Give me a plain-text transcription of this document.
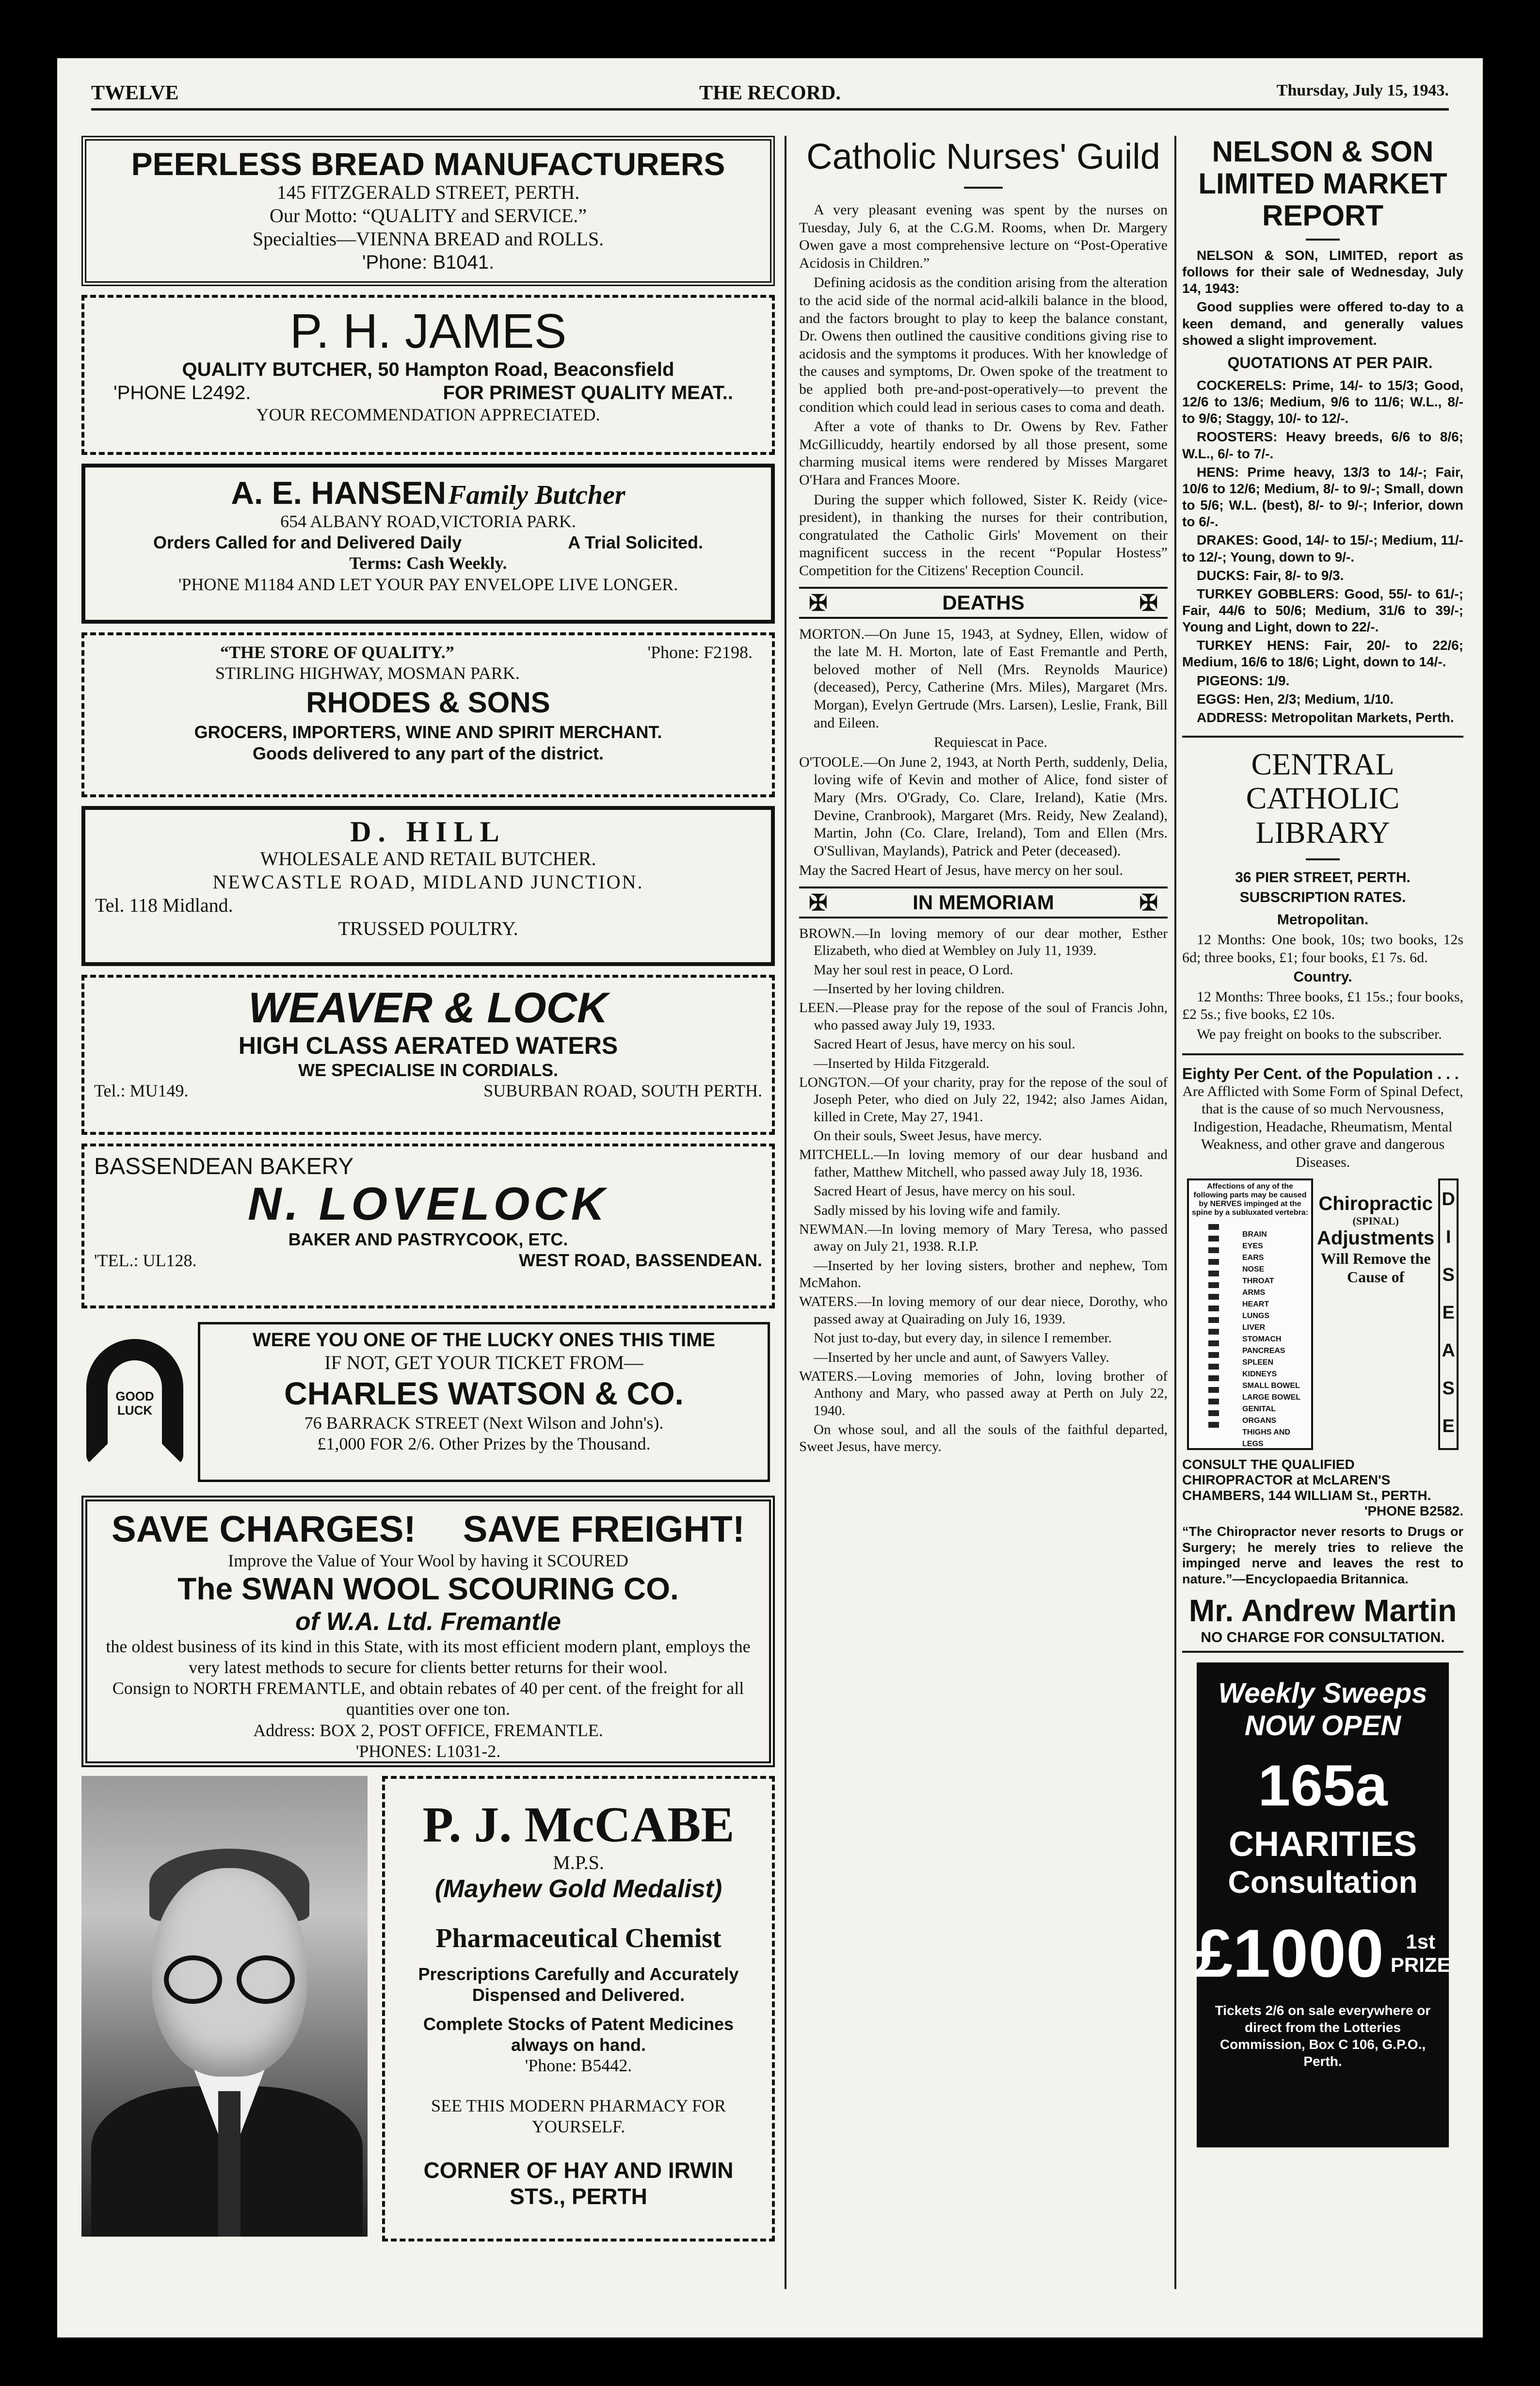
TWELVE	THE RECORD.	Thursday, July 15, 1943.
PEERLESS BREAD MANUFACTURERS
145 FITZGERALD STREET, PERTH.
Our Motto: “QUALITY and SERVICE.”
Specialties—VIENNA BREAD and ROLLS.
'Phone: B1041.
P. H. JAMES
QUALITY BUTCHER, 50 Hampton Road, Beaconsfield
'PHONE L2492.	FOR PRIMEST QUALITY MEAT..
YOUR RECOMMENDATION APPRECIATED.
A. E. HANSEN Family Butcher
654 ALBANY ROAD,VICTORIA PARK.
Orders Called for and Delivered Daily	A Trial Solicited.
Terms: Cash Weekly.
'PHONE M1184 AND LET YOUR PAY ENVELOPE LIVE LONGER.
“THE STORE OF QUALITY.”	'Phone: F2198.
STIRLING HIGHWAY, MOSMAN PARK.
RHODES & SONS
GROCERS, IMPORTERS, WINE AND SPIRIT MERCHANT.
Goods delivered to any part of the district.
D. HILL
WHOLESALE AND RETAIL BUTCHER.
NEWCASTLE ROAD, MIDLAND JUNCTION.
Tel. 118 Midland.
TRUSSED POULTRY.
WEAVER & LOCK
HIGH CLASS AERATED WATERS
WE SPECIALISE IN CORDIALS.
Tel.: MU149.	SUBURBAN ROAD, SOUTH PERTH.
BASSENDEAN BAKERY
N. LOVELOCK
BAKER AND PASTRYCOOK, ETC.
'TEL.: UL128.	WEST ROAD, BASSENDEAN.
GOOD LUCK
WERE YOU ONE OF THE LUCKY ONES THIS TIME
IF NOT, GET YOUR TICKET FROM—
CHARLES WATSON & CO.
76 BARRACK STREET (Next Wilson and John's).
£1,000 FOR 2/6. Other Prizes by the Thousand.
SAVE CHARGES! SAVE FREIGHT!
Improve the Value of Your Wool by having it SCOURED
The SWAN WOOL SCOURING CO.
of W.A. Ltd. Fremantle
the oldest business of its kind in this State, with its most efficient modern plant, employs the very latest methods to secure for clients better returns for their wool.
Consign to NORTH FREMANTLE, and obtain rebates of 40 per cent. of the freight for all quantities over one ton.
Address: BOX 2, POST OFFICE, FREMANTLE.
'PHONES: L1031-2.
P. J. McCABE
M.P.S.
(Mayhew Gold Medalist)
Pharmaceutical Chemist
Prescriptions Carefully and Accurately Dispensed and Delivered.
Complete Stocks of Patent Medicines always on hand.
'Phone: B5442.
SEE THIS MODERN PHARMACY FOR YOURSELF.
CORNER OF HAY AND IRWIN STS., PERTH
Catholic Nurses' Guild

A very pleasant evening was spent by the nurses on Tuesday, July 6, at the C.G.M. Rooms, when Dr. Margery Owen gave a most comprehensive lecture on “Post-Operative Acidosis in Children.”

Defining acidosis as the condition arising from the alteration to the acid side of the normal acid-alkili balance in the blood, and the factors brought to play to keep the balance constant, Dr. Owens then outlined the causitive conditions giving rise to acidosis and the symptoms it produces. With her knowledge of the causes and symptoms, Dr. Owen spoke of the treatment to be applied both pre-and-post-operatively—to prevent the condition which could lead in serious cases to coma and death.

After a vote of thanks to Dr. Owens by Rev. Father McGillicuddy, heartily endorsed by all those present, some charming musical items were rendered by Misses Margaret O'Hara and Frances Moore.

During the supper which followed, Sister K. Reidy (vice-president), in thanking the nurses for their contribution, congratulated the Catholic Girls' Movement on their magnificent success in the recent “Popular Hostess” Competition for the Citizens' Reception Council.

✠	DEATHS	✠

MORTON.—On June 15, 1943, at Sydney, Ellen, widow of the late M. H. Morton, late of East Fremantle and Perth, beloved mother of Nell (Mrs. Reynolds Maurice) (deceased), Percy, Catherine (Mrs. Miles), Margaret (Mrs. Morgan), Evelyn Gertrude (Mrs. Larsen), Leslie, Frank, Bill and Eileen.

Requiescat in Pace.

O'TOOLE.—On June 2, 1943, at North Perth, suddenly, Delia, loving wife of Kevin and mother of Alice, fond sister of Mary (Mrs. O'Grady, Co. Clare, Ireland), Katie (Mrs. Devine, Cranbrook), Margaret (Mrs. Reidy, New Zealand), Martin, John (Co. Clare, Ireland), Tom and Ellen (Mrs. O'Sullivan, Maylands), Patrick and Peter (deceased).

May the Sacred Heart of Jesus, have mercy on her soul.

✠	IN MEMORIAM	✠

BROWN.—In loving memory of our dear mother, Esther Elizabeth, who died at Wembley on July 11, 1939.

May her soul rest in peace, O Lord.

—Inserted by her loving children.

LEEN.—Please pray for the repose of the soul of Francis John, who passed away July 19, 1933.

Sacred Heart of Jesus, have mercy on his soul.

—Inserted by Hilda Fitzgerald.

LONGTON.—Of your charity, pray for the repose of the soul of Joseph Peter, who died on July 22, 1942; also James Aidan, killed in Crete, May 27, 1941.

On their souls, Sweet Jesus, have mercy.

MITCHELL.—In loving memory of our dear husband and father, Matthew Mitchell, who passed away July 18, 1936.

Sacred Heart of Jesus, have mercy on his soul.

Sadly missed by his loving wife and family.

NEWMAN.—In loving memory of Mary Teresa, who passed away on July 21, 1938. R.I.P.

—Inserted by her loving sisters, brother and nephew, Tom McMahon.

WATERS.—In loving memory of our dear niece, Dorothy, who passed away at Quairading on July 16, 1939.

Not just to-day, but every day, in silence I remember.

—Inserted by her uncle and aunt, of Sawyers Valley.

WATERS.—Loving memories of John, loving brother of Anthony and Mary, who passed away at Perth on July 22, 1940.

On whose soul, and all the souls of the faithful departed, Sweet Jesus, have mercy.

NELSON & SON LIMITED MARKET REPORT

NELSON & SON, LIMITED, report as follows for their sale of Wednesday, July 14, 1943:

Good supplies were offered to-day to a keen demand, and generally values showed a slight improvement.

QUOTATIONS AT PER PAIR.

COCKERELS: Prime, 14/- to 15/3; Good, 12/6 to 13/6; Medium, 9/6 to 11/6; W.L., 8/- to 9/6; Staggy, 10/- to 12/-.

ROOSTERS: Heavy breeds, 6/6 to 8/6; W.L., 6/- to 7/-.

HENS: Prime heavy, 13/3 to 14/-; Fair, 10/6 to 12/6; Medium, 8/- to 9/-; Small, down to 5/6; W.L. (best), 8/- to 9/-; Inferior, down to 6/-.

DRAKES: Good, 14/- to 15/-; Medium, 11/- to 12/-; Young, down to 9/-.

DUCKS: Fair, 8/- to 9/3.

TURKEY GOBBLERS: Good, 55/- to 61/-; Fair, 44/6 to 50/6; Medium, 31/6 to 39/-; Young and Light, down to 22/-.

TURKEY HENS: Fair, 20/- to 22/6; Medium, 16/6 to 18/6; Light, down to 14/-.

PIGEONS: 1/9.

EGGS: Hen, 2/3; Medium, 1/10.

ADDRESS: Metropolitan Markets, Perth.

CENTRAL CATHOLIC LIBRARY

36 PIER STREET, PERTH.

SUBSCRIPTION RATES.

Metropolitan.

12 Months: One book, 10s; two books, 12s 6d; three books, £1; four books, £1 7s. 6d.

Country.

12 Months: Three books, £1 15s.; four books, £2 5s.; five books, £2 10s.

We pay freight on books to the subscriber.

Eighty Per Cent. of the Population . . .
Are Afflicted with Some Form of Spinal Defect, that is the cause of so much Nervousness, Indigestion, Headache, Rheumatism, Mental Weakness, and other grave and dangerous Diseases.
Affections of any of the following parts may be caused by NERVES impinged at the spine by a subluxated vertebra:
BRAIN
EYES
EARS
NOSE
THROAT
ARMS
HEART
LUNGS
LIVER
STOMACH
PANCREAS
SPLEEN
KIDNEYS
SMALL BOWEL
LARGE BOWEL
GENITAL ORGANS
THIGHS AND LEGS
Chiropractic
(SPINAL)
Adjustments
Will Remove the Cause of
D
I
S
E
A
S
E
CONSULT THE QUALIFIED CHIROPRACTOR at McLAREN'S CHAMBERS, 144 WILLIAM St., PERTH.
'PHONE B2582.
“The Chiropractor never resorts to Drugs or Surgery; he merely tries to relieve the impinged nerve and leaves the rest to nature.”—Encyclopaedia Britannica.
Mr. Andrew Martin
NO CHARGE FOR CONSULTATION.
Weekly Sweeps
NOW OPEN
165a
CHARITIES
Consultation
£1000	1st
PRIZE
Tickets 2/6 on sale everywhere or direct from the Lotteries Commission, Box C 106, G.P.O., Perth.
